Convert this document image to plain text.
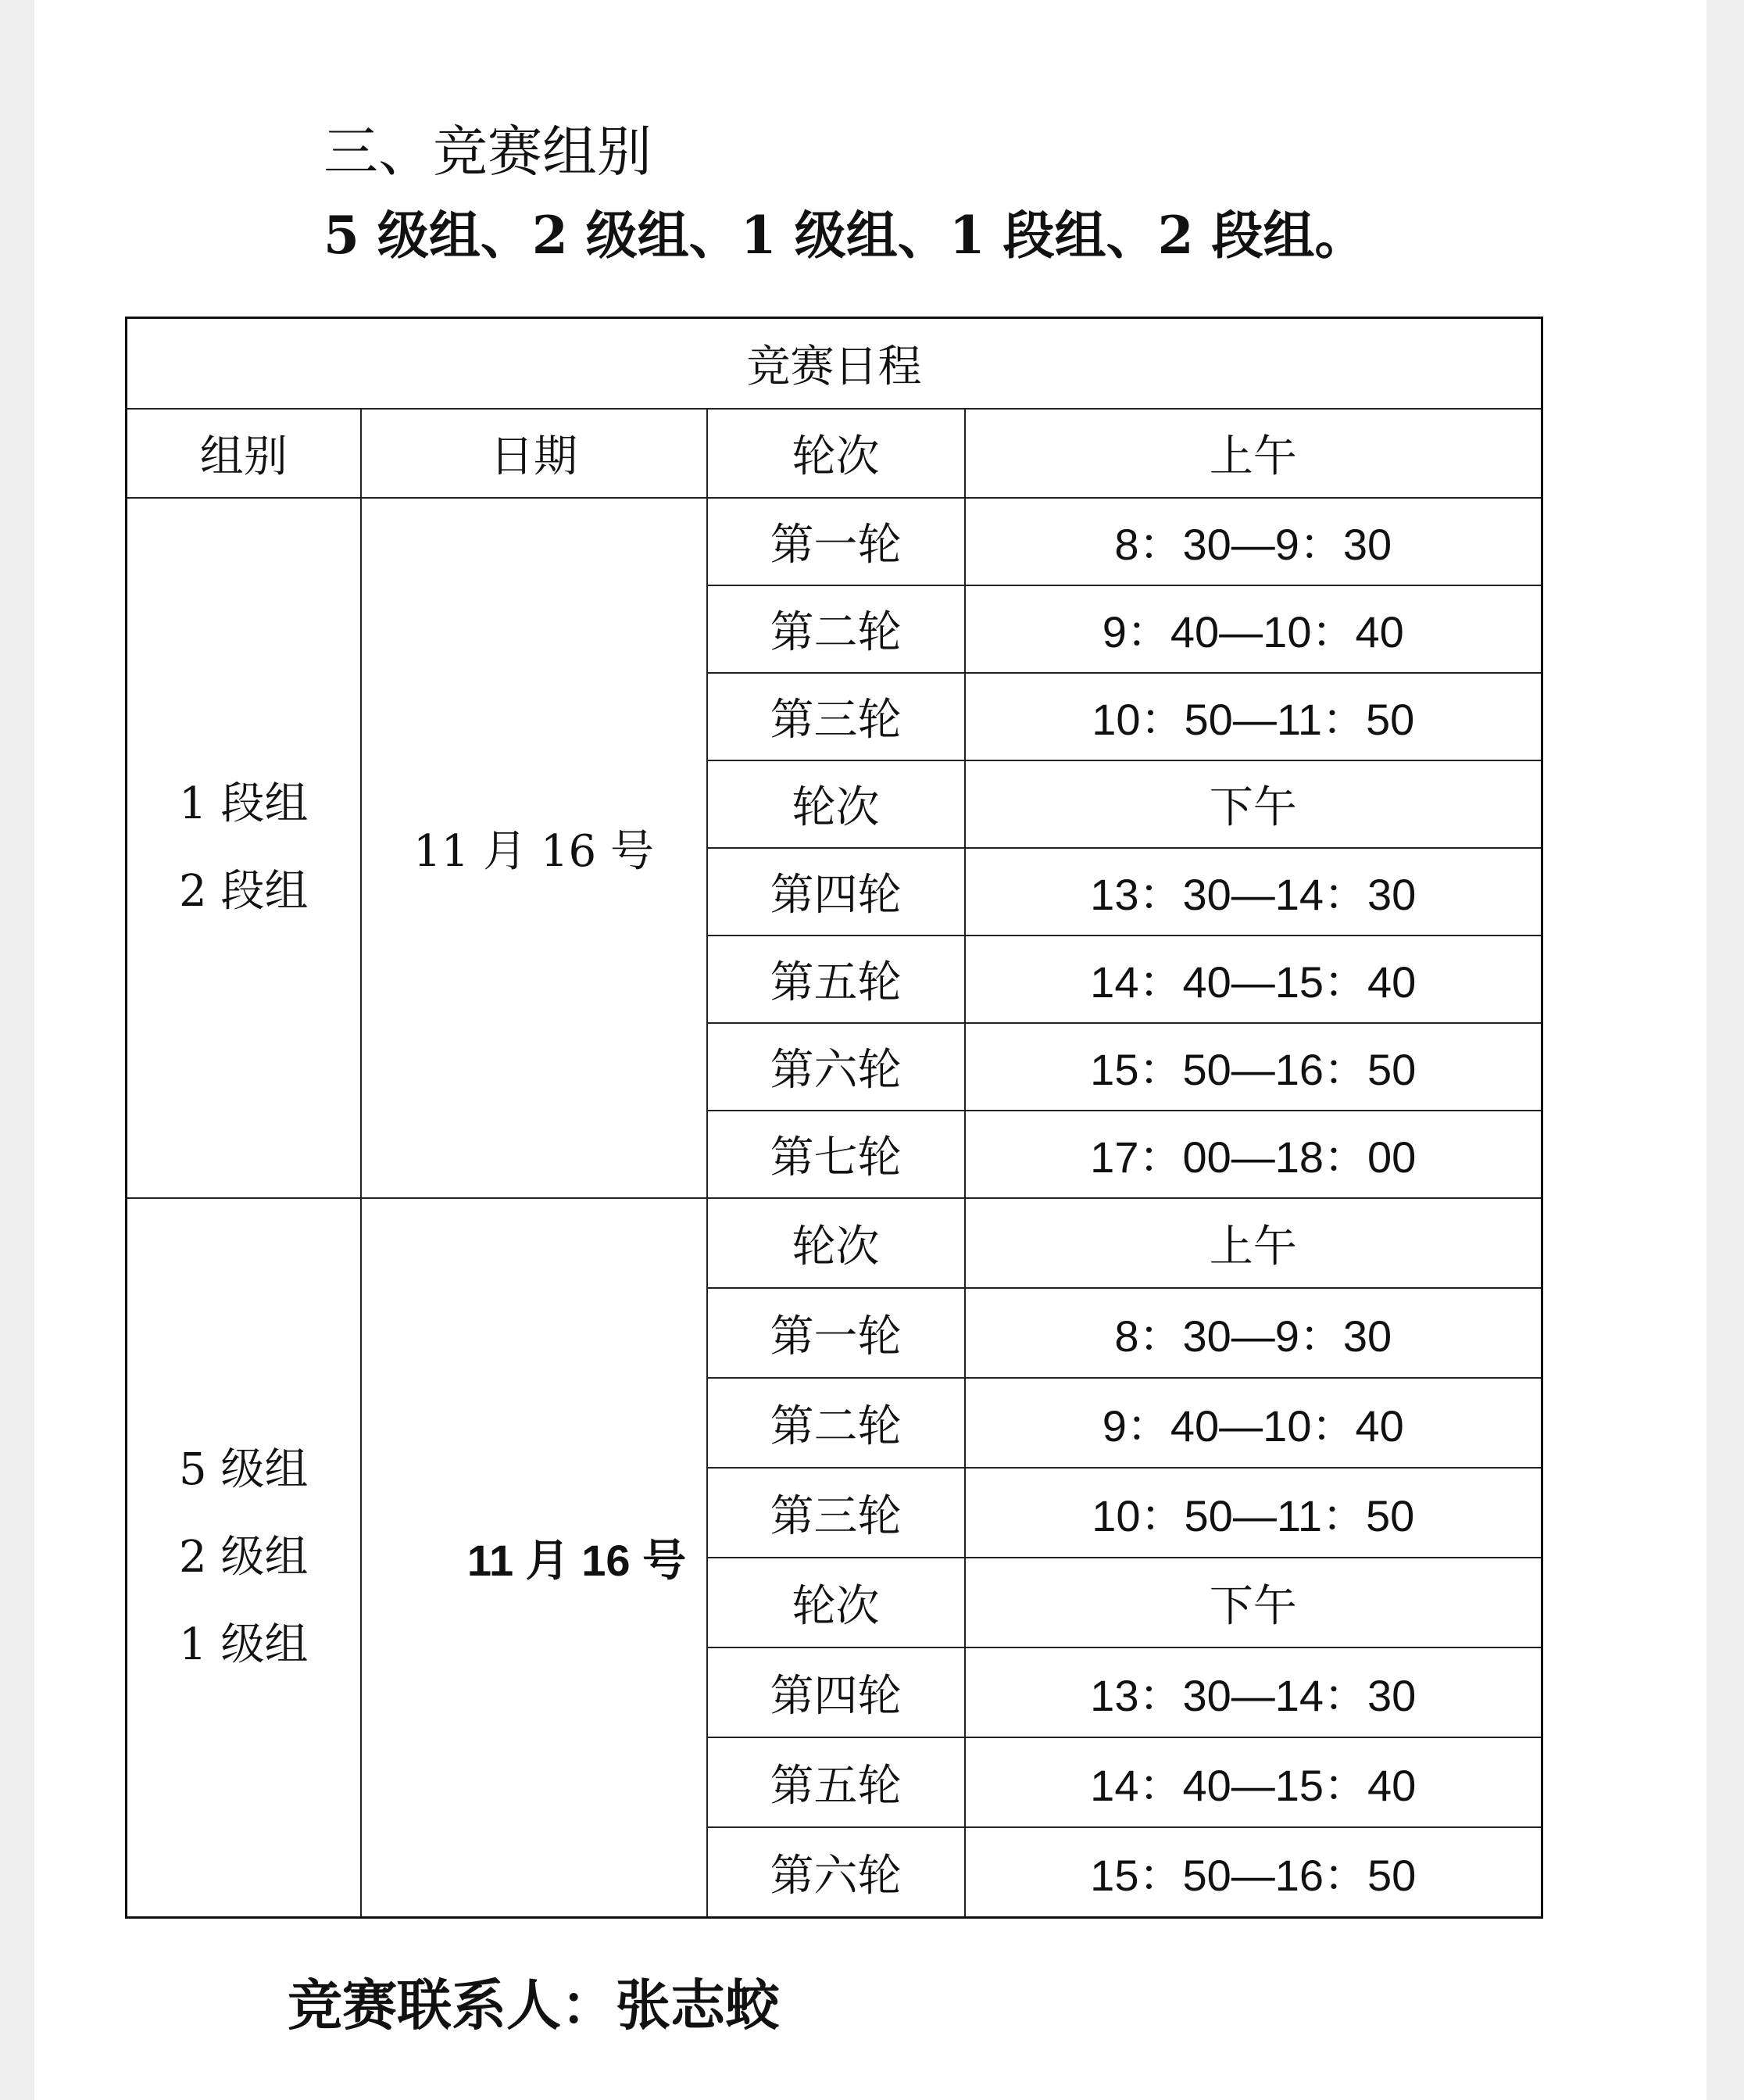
三、竞赛组别
5 级组、2 级组、1 级组、1 段组、2 段组。
竞赛日程			
组别	日期	轮次	上午

1 段组
2 段组	11 月 16 号	第一轮	8：30—9：30
		第二轮	9：40—10：40
		第三轮	10：50—11：50
		轮次	下午
		第四轮	13：30—14：30
		第五轮	14：40—15：40
		第六轮	15：50—16：50
		第七轮	17：00—18：00

5 级组
2 级组
1 级组	11 月 16 号	轮次	上午
		第一轮	8：30—9：30
		第二轮	9：40—10：40
		第三轮	10：50—11：50
		轮次	下午
		第四轮	13：30—14：30
		第五轮	14：40—15：40
		第六轮	15：50—16：50
竞赛联系人：张志蛟
